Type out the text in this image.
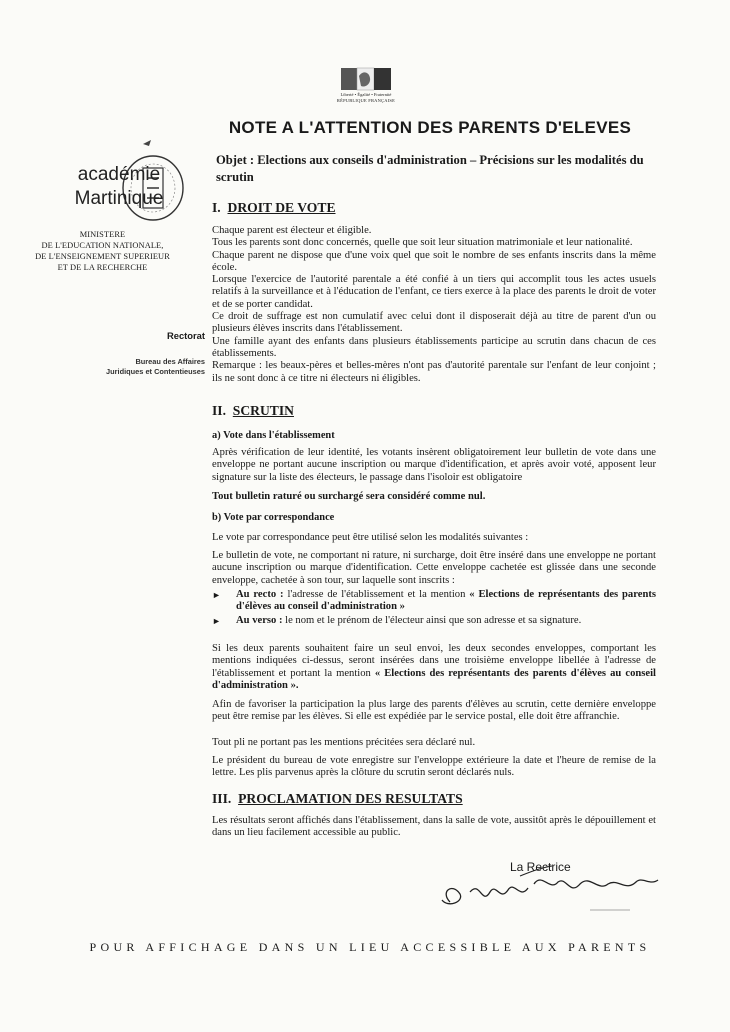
Liberté • Égalité • Fraternité
RÉPUBLIQUE FRANÇAISE
NOTE A L'ATTENTION DES PARENTS D'ELEVES
académie
Martinique
MINISTERE
DE L'EDUCATION NATIONALE,
DE L'ENSEIGNEMENT SUPERIEUR
ET DE LA RECHERCHE
Rectorat
Bureau des Affaires
Juridiques et Contentieuses
Objet : Elections aux conseils d'administration – Précisions sur les modalités du scrutin
I. DROIT DE VOTE
Chaque parent est électeur et éligible.
Tous les parents sont donc concernés, quelle que soit leur situation matrimoniale et leur nationalité.
Chaque parent ne dispose que d'une voix quel que soit le nombre de ses enfants inscrits dans la même école.
Lorsque l'exercice de l'autorité parentale a été confié à un tiers qui accomplit tous les actes usuels relatifs à la surveillance et à l'éducation de l'enfant, ce tiers exerce à la place des parents le droit de voter et de se porter candidat.
Ce droit de suffrage est non cumulatif avec celui dont il disposerait déjà au titre de parent d'un ou plusieurs élèves inscrits dans l'établissement.
Une famille ayant des enfants dans plusieurs établissements participe au scrutin dans chacun de ces établissements.
Remarque : les beaux-pères et belles-mères n'ont pas d'autorité parentale sur l'enfant de leur conjoint ; ils ne sont donc à ce titre ni électeurs ni éligibles.
II. SCRUTIN
a) Vote dans l'établissement
Après vérification de leur identité, les votants insèrent obligatoirement leur bulletin de vote dans une enveloppe ne portant aucune inscription ou marque d'identification, et après avoir voté, apposent leur signature sur la liste des électeurs, le passage dans l'isoloir est obligatoire
Tout bulletin raturé ou surchargé sera considéré comme nul.
b) Vote par correspondance
Le vote par correspondance peut être utilisé selon les modalités suivantes :
Le bulletin de vote, ne comportant ni rature, ni surcharge, doit être inséré dans une enveloppe ne portant aucune inscription ou marque d'identification. Cette enveloppe cachetée est glissée dans une seconde enveloppe, cachetée à son tour, sur laquelle sont inscrits :
►	Au recto : l'adresse de l'établissement et la mention « Elections de représentants des parents d'élèves au conseil d'administration »
►	Au verso : le nom et le prénom de l'électeur ainsi que son adresse et sa signature.
Si les deux parents souhaitent faire un seul envoi, les deux secondes enveloppes, comportant les mentions indiquées ci-dessus, seront insérées dans une troisième enveloppe libellée à l'adresse de l'établissement et portant la mention « Elections des représentants des parents d'élèves au conseil d'administration ».
Afin de favoriser la participation la plus large des parents d'élèves au scrutin, cette dernière enveloppe peut être remise par les élèves. Si elle est expédiée par le service postal, elle doit être affranchie.
Tout pli ne portant pas les mentions précitées sera déclaré nul.
Le président du bureau de vote enregistre sur l'enveloppe extérieure la date et l'heure de remise de la lettre. Les plis parvenus après la clôture du scrutin seront déclarés nuls.
III. PROCLAMATION DES RESULTATS
Les résultats seront affichés dans l'établissement, dans la salle de vote, aussitôt après le dépouillement et dans un lieu facilement accessible au public.
La Rectrice
POUR AFFICHAGE DANS UN LIEU ACCESSIBLE AUX PARENTS
